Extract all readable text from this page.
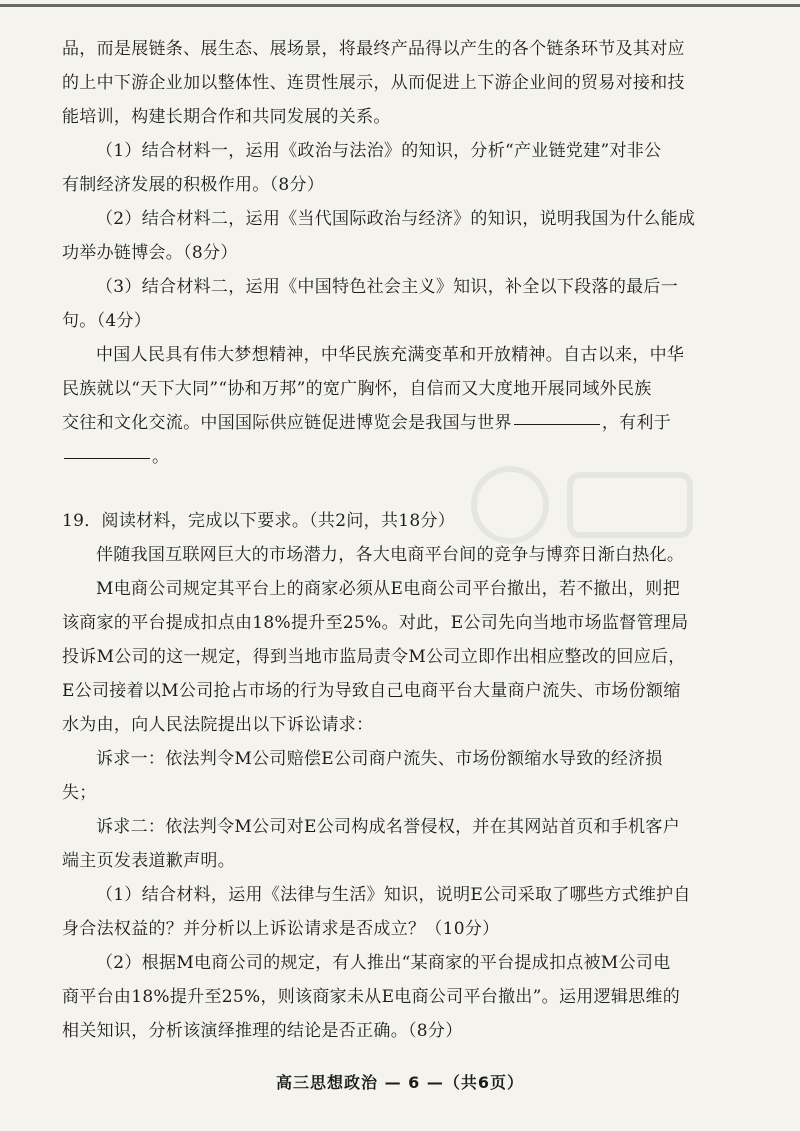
品，而是展链条、展生态、展场景，将最终产品得以产生的各个链条环节及其对应
的上中下游企业加以整体性、连贯性展示，从而促进上下游企业间的贸易对接和技
能培训，构建长期合作和共同发展的关系。
（1）结合材料一，运用《政治与法治》的知识，分析“产业链党建”对非公
有制经济发展的积极作用。（8分）
（2）结合材料二，运用《当代国际政治与经济》的知识，说明我国为什么能成
功举办链博会。（8分）
（3）结合材料二，运用《中国特色社会主义》知识，补全以下段落的最后一
句。（4分）
中国人民具有伟大梦想精神，中华民族充满变革和开放精神。自古以来，中华
民族就以“天下大同”“协和万邦”的宽广胸怀，自信而又大度地开展同域外民族
交往和文化交流。中国国际供应链促进博览会是我国与世界	，有利于
。
19．阅读材料，完成以下要求。（共2问，共18分）
伴随我国互联网巨大的市场潜力，各大电商平台间的竞争与博弈日渐白热化。
M电商公司规定其平台上的商家必须从E电商公司平台撤出，若不撤出，则把
该商家的平台提成扣点由18%提升至25%。对此，E公司先向当地市场监督管理局
投诉M公司的这一规定，得到当地市监局责令M公司立即作出相应整改的回应后，
E公司接着以M公司抢占市场的行为导致自己电商平台大量商户流失、市场份额缩
水为由，向人民法院提出以下诉讼请求：
诉求一：依法判令M公司赔偿E公司商户流失、市场份额缩水导致的经济损
失；
诉求二：依法判令M公司对E公司构成名誉侵权，并在其网站首页和手机客户
端主页发表道歉声明。
（1）结合材料，运用《法律与生活》知识，说明E公司采取了哪些方式维护自
身合法权益的？并分析以上诉讼请求是否成立？（10分）
（2）根据M电商公司的规定，有人推出“某商家的平台提成扣点被M公司电
商平台由18%提升至25%，则该商家未从E电商公司平台撤出”。运用逻辑思维的
相关知识，分析该演绎推理的结论是否正确。（8分）
高三思想政治 — 6 —（共6页）
